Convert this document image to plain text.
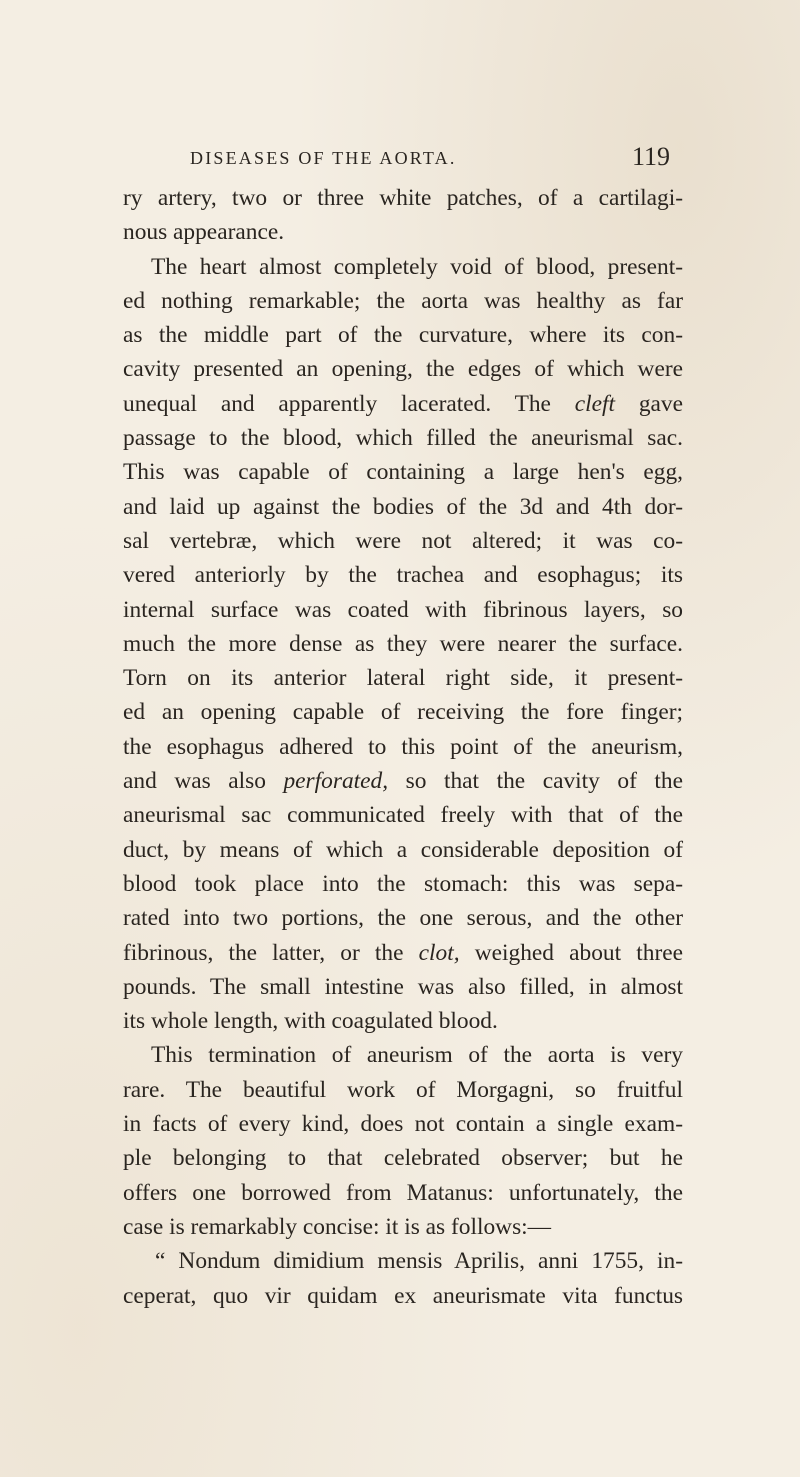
DISEASES OF THE AORTA.	119
ry artery, two or three white patches, of a cartilagi-
nous appearance.
The heart almost completely void of blood, present-
ed nothing remarkable; the aorta was healthy as far
as the middle part of the curvature, where its con-
cavity presented an opening, the edges of which were
unequal and apparently lacerated. The cleft gave
passage to the blood, which filled the aneurismal sac.
This was capable of containing a large hen's egg,
and laid up against the bodies of the 3d and 4th dor-
sal vertebræ, which were not altered; it was co-
vered anteriorly by the trachea and esophagus; its
internal surface was coated with fibrinous layers, so
much the more dense as they were nearer the surface.
Torn on its anterior lateral right side, it present-
ed an opening capable of receiving the fore finger;
the esophagus adhered to this point of the aneurism,
and was also perforated, so that the cavity of the
aneurismal sac communicated freely with that of the
duct, by means of which a considerable deposition of
blood took place into the stomach: this was sepa-
rated into two portions, the one serous, and the other
fibrinous, the latter, or the clot, weighed about three
pounds. The small intestine was also filled, in almost
its whole length, with coagulated blood.
This termination of aneurism of the aorta is very
rare. The beautiful work of Morgagni, so fruitful
in facts of every kind, does not contain a single exam-
ple belonging to that celebrated observer; but he
offers one borrowed from Matanus: unfortunately, the
case is remarkably concise: it is as follows:—
“ Nondum dimidium mensis Aprilis, anni 1755, in-
ceperat, quo vir quidam ex aneurismate vita functus
